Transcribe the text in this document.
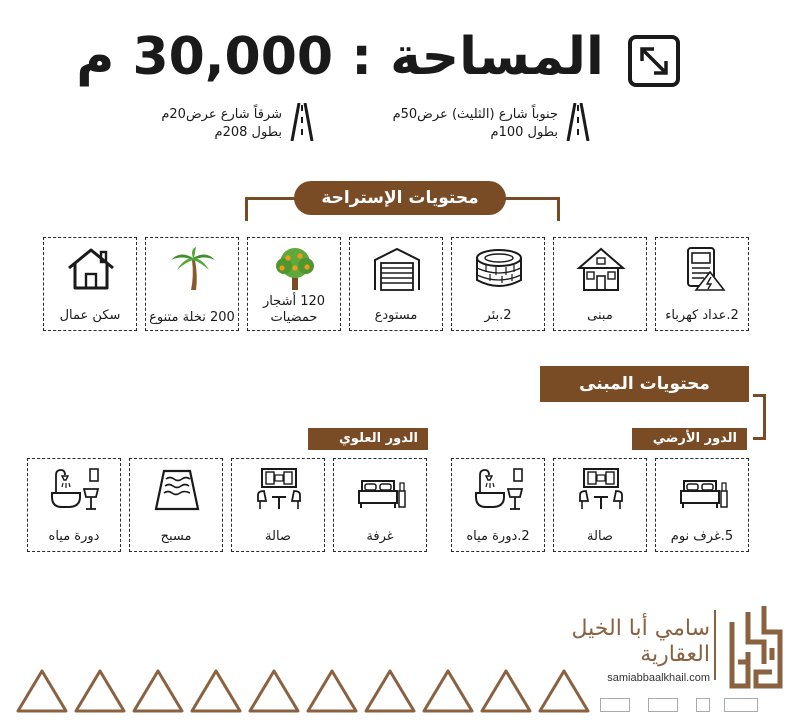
المساحة : 30,000 م
جنوباً شارع (الثليث) عرض50م
بطول 100م
شرقاً شارع عرض20م
بطول 208م
محتويات الإستراحة
2.عداد كهرباء
مبنى
2.بئر
مستودع
120 أشجار حمضيات
200 نخلة متنوع
سكن عمال
محتويات المبنى
الدور الأرضي
الدور العلوي
5.غرف نوم
صالة
2.دورة مياه
غرفة
صالة
مسبح
دورة مياه
سامي أبا الخيل
العقارية
samiabbaalkhail.com
